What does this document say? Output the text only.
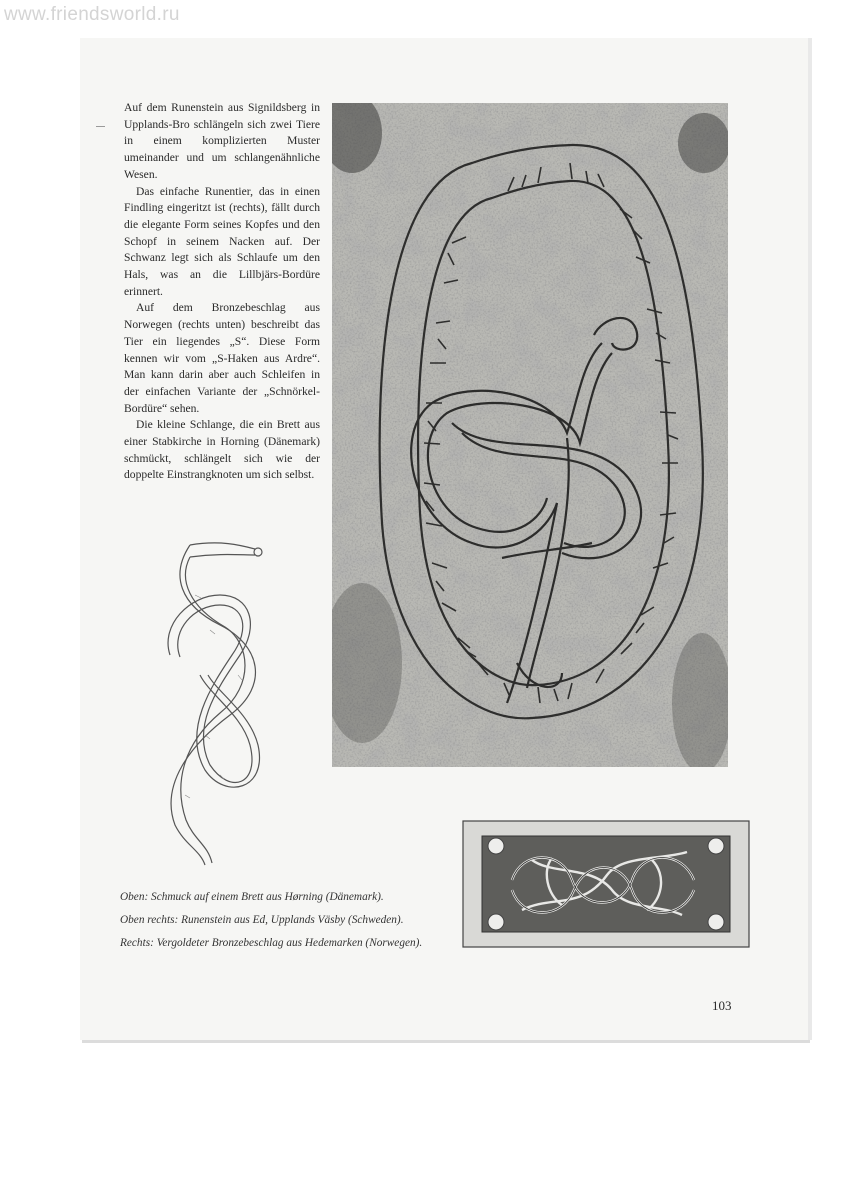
www.friendsworld.ru

Auf dem Runenstein aus Signildsberg in Upplands-Bro schlängeln sich zwei Tiere in einem komplizierten Muster umeinander und um schlangenähnliche Wesen.

Das einfache Runentier, das in einen Findling eingeritzt ist (rechts), fällt durch die elegante Form seines Kopfes und den Schopf in seinem Nacken auf. Der Schwanz legt sich als Schlaufe um den Hals, was an die Lillbjärs-Bordüre erinnert.

Auf dem Bronzebeschlag aus Norwegen (rechts unten) beschreibt das Tier ein liegendes „S“. Diese Form kennen wir vom „S-Haken aus Ardre“. Man kann darin aber auch Schleifen in der einfachen Variante der „Schnörkel-Bordüre“ sehen.

Die kleine Schlange, die ein Brett aus einer Stabkirche in Horning (Dänemark) schmückt, schlängelt sich wie der doppelte Einstrangknoten um sich selbst.

Oben: Schmuck auf einem Brett aus Hørning (Dänemark).
Oben rechts: Runenstein aus Ed, Upplands Väsby (Schweden).
Rechts: Vergoldeter Bronzebeschlag aus Hedemarken (Norwegen).
103
